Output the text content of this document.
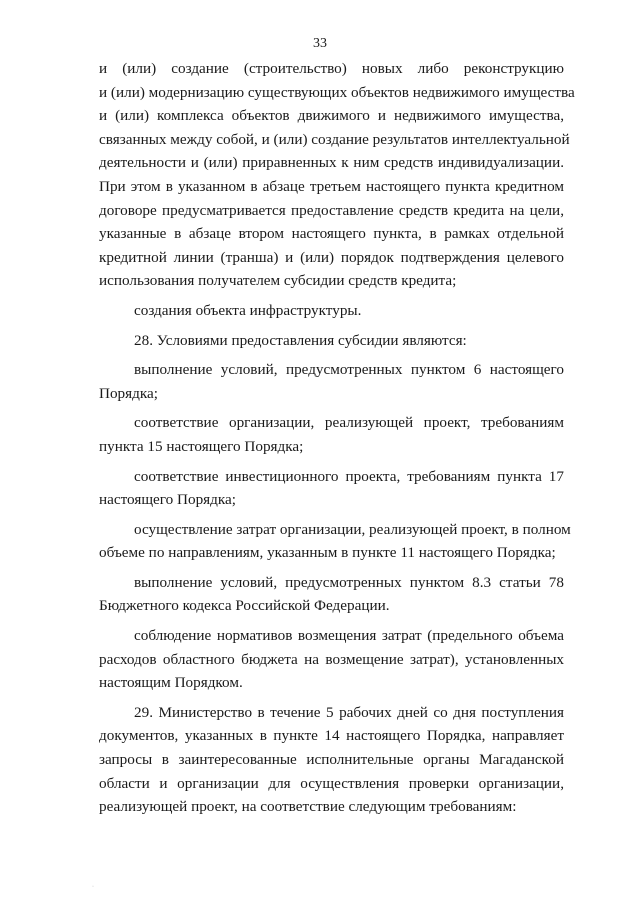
33
и (или) создание (строительство) новых либо реконструкцию
и (или) модернизацию существующих объектов недвижимого имущества
и (или) комплекса объектов движимого и недвижимого имущества,
связанных между собой, и (или) создание результатов интеллектуальной
деятельности и (или) приравненных к ним средств индивидуализации.
При этом в указанном в абзаце третьем настоящего пункта кредитном
договоре предусматривается предоставление средств кредита на цели,
указанные в абзаце втором настоящего пункта, в рамках отдельной
кредитной линии (транша) и (или) порядок подтверждения целевого
использования получателем субсидии средств кредита;
создания объекта инфраструктуры.
28. Условиями предоставления субсидии являются:
выполнение условий, предусмотренных пунктом 6 настоящего
Порядка;
соответствие организации, реализующей проект, требованиям
пункта 15 настоящего Порядка;
соответствие инвестиционного проекта, требованиям пункта 17
настоящего Порядка;
осуществление затрат организации, реализующей проект, в полном
объеме по направлениям, указанным в пункте 11 настоящего Порядка;
выполнение условий, предусмотренных пунктом 8.3 статьи 78
Бюджетного кодекса Российской Федерации.
соблюдение нормативов возмещения затрат (предельного объема
расходов областного бюджета на возмещение затрат), установленных
настоящим Порядком.
29. Министерство в течение 5 рабочих дней со дня поступления
документов, указанных в пункте 14 настоящего Порядка, направляет
запросы в заинтересованные исполнительные органы Магаданской
области и организации для осуществления проверки организации,
реализующей проект, на соответствие следующим требованиям:
·
